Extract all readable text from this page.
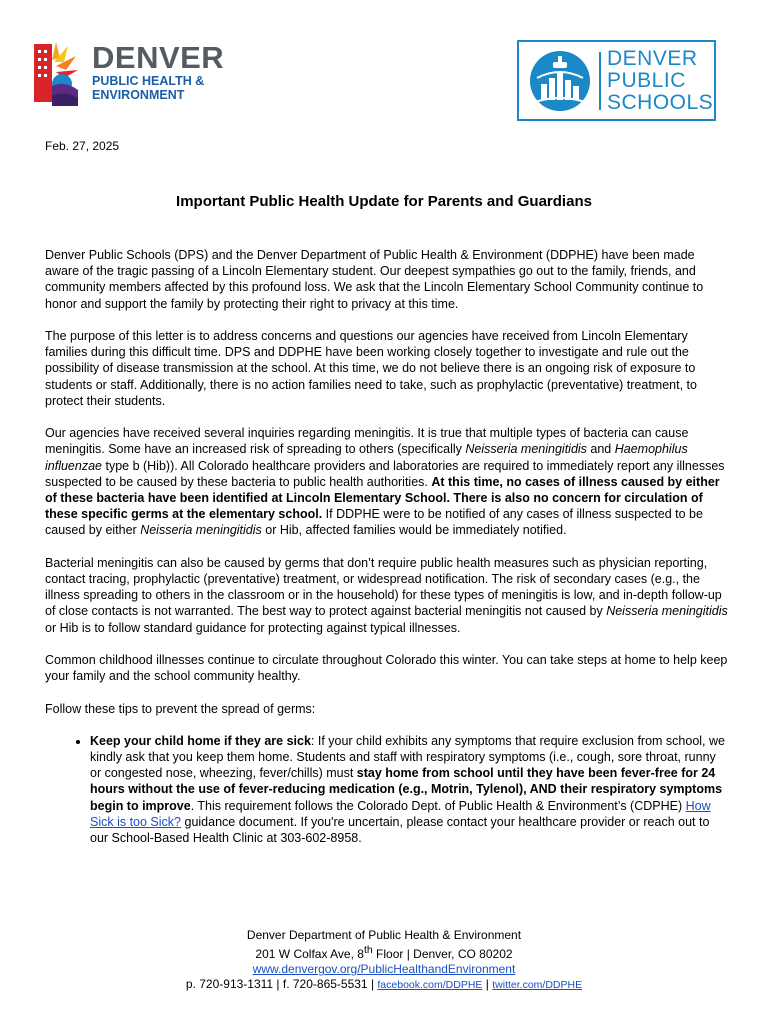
DENVER
PUBLIC HEALTH &
ENVIRONMENT
DENVER
PUBLIC
SCHOOLS
Feb. 27, 2025
Important Public Health Update for Parents and Guardians

Denver Public Schools (DPS) and the Denver Department of Public Health & Environment (DDPHE) have been made aware of the tragic passing of a Lincoln Elementary student. Our deepest sympathies go out to the family, friends, and community members affected by this profound loss. We ask that the Lincoln Elementary School Community continue to honor and support the family by protecting their right to privacy at this time.

The purpose of this letter is to address concerns and questions our agencies have received from Lincoln Elementary families during this difficult time. DPS and DDPHE have been working closely together to investigate and rule out the possibility of disease transmission at the school. At this time, we do not believe there is an ongoing risk of exposure to students or staff. Additionally, there is no action families need to take, such as prophylactic (preventative) treatment, to protect their students.

Our agencies have received several inquiries regarding meningitis. It is true that multiple types of bacteria can cause meningitis. Some have an increased risk of spreading to others (specifically Neisseria meningitidis and Haemophilus influenzae type b (Hib)). All Colorado healthcare providers and laboratories are required to immediately report any illnesses suspected to be caused by these bacteria to public health authorities. At this time, no cases of illness caused by either of these bacteria have been identified at Lincoln Elementary School. There is also no concern for circulation of these specific germs at the elementary school. If DDPHE were to be notified of any cases of illness suspected to be caused by either Neisseria meningitidis or Hib, affected families would be immediately notified.

Bacterial meningitis can also be caused by germs that don’t require public health measures such as physician reporting, contact tracing, prophylactic (preventative) treatment, or widespread notification. The risk of secondary cases (e.g., the illness spreading to others in the classroom or in the household) for these types of meningitis is low, and in-depth follow-up of close contacts is not warranted. The best way to protect against bacterial meningitis not caused by Neisseria meningitidis or Hib is to follow standard guidance for protecting against typical illnesses.

Common childhood illnesses continue to circulate throughout Colorado this winter. You can take steps at home to help keep your family and the school community healthy.

Follow these tips to prevent the spread of germs:

• Keep your child home if they are sick: If your child exhibits any symptoms that require exclusion from school, we kindly ask that you keep them home. Students and staff with respiratory symptoms (i.e., cough, sore throat, runny or congested nose, wheezing, fever/chills) must stay home from school until they have been fever-free for 24 hours without the use of fever-reducing medication (e.g., Motrin, Tylenol), AND their respiratory symptoms begin to improve. This requirement follows the Colorado Dept. of Public Health & Environment’s (CDPHE) How Sick is too Sick? guidance document. If you're uncertain, please contact your healthcare provider or reach out to our School-Based Health Clinic at 303-602-8958.
Denver Department of Public Health & Environment
201 W Colfax Ave, 8th Floor | Denver, CO 80202
www.denvergov.org/PublicHealthandEnvironment
p. 720-913-1311 | f. 720-865-5531 | facebook.com/DDPHE | twitter.com/DDPHE
